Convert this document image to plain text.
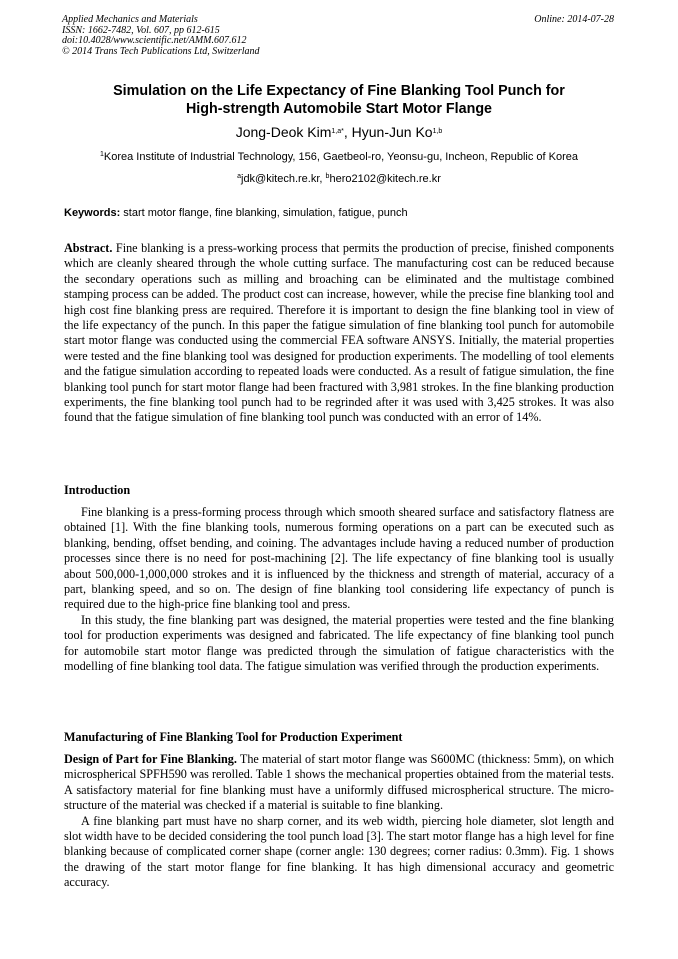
Applied Mechanics and Materials
ISSN: 1662-7482, Vol. 607, pp 612-615
doi:10.4028/www.scientific.net/AMM.607.612
© 2014 Trans Tech Publications Ltd, Switzerland
Online: 2014-07-28
Simulation on the Life Expectancy of Fine Blanking Tool Punch for
High-strength Automobile Start Motor Flange
Jong-Deok Kim$^{1,a*}$, Hyun-Jun Ko$^{1,b}$
$^1$Korea Institute of Industrial Technology, 156, Gaetbeol-ro, Yeonsu-gu, Incheon, Republic of Korea
$^a$jdk@kitech.re.kr, $^b$hero2102@kitech.re.kr
Keywords: start motor flange, fine blanking, simulation, fatigue, punch

Abstract. Fine blanking is a press-working process that permits the production of precise, finished components which are cleanly sheared through the whole cutting surface. The manufacturing cost can be reduced because the secondary operations such as milling and broaching can be eliminated and the multistage combined stamping process can be added. The product cost can increase, however, while the precise fine blanking tool and high cost fine blanking press are required. Therefore it is important to design the fine blanking tool in view of the life expectancy of the punch. In this paper the fatigue simulation of fine blanking tool punch for automobile start motor flange was conducted using the commercial FEA software ANSYS. Initially, the material properties were tested and the fine blanking tool was designed for production experiments. The modelling of tool elements and the fatigue simulation according to repeated loads were conducted. As a result of fatigue simulation, the fine blanking tool punch for start motor flange had been fractured with 3,981 strokes. In the fine blanking production experiments, the fine blanking tool punch had to be regrinded after it was used with 3,425 strokes. It was also found that the fatigue simulation of fine blanking tool punch was conducted with an error of 14%.

Introduction

Fine blanking is a press-forming process through which smooth sheared surface and satisfactory flatness are obtained [1]. With the fine blanking tools, numerous forming operations on a part can be executed such as blanking, bending, offset bending, and coining. The advantages include having a reduced number of production processes since there is no need for post-machining [2]. The life expectancy of fine blanking tool is usually about 500,000-1,000,000 strokes and it is influenced by the thickness and strength of material, accuracy of a part, blanking speed, and so on. The design of fine blanking tool considering life expectancy of punch is required due to the high-price fine blanking tool and press.

In this study, the fine blanking part was designed, the material properties were tested and the fine blanking tool for production experiments was designed and fabricated. The life expectancy of fine blanking tool punch for automobile start motor flange was predicted through the simulation of fatigue characteristics with the modelling of fine blanking tool data. The fatigue simulation was verified through the production experiments.

Manufacturing of Fine Blanking Tool for Production Experiment

Design of Part for Fine Blanking. The material of start motor flange was S600MC (thickness: 5mm), on which microspherical SPFH590 was rerolled. Table 1 shows the mechanical properties obtained from the material tests. A satisfactory material for fine blanking must have a uniformly diffused microspherical structure. The micro-structure of the material was checked if a material is suitable to fine blanking.

A fine blanking part must have no sharp corner, and its web width, piercing hole diameter, slot length and slot width have to be decided considering the tool punch load [3]. The start motor flange has a high level for fine blanking because of complicated corner shape (corner angle: 130 degrees; corner radius: 0.3mm). Fig. 1 shows the drawing of the start motor flange for fine blanking. It has high dimensional accuracy and geometric accuracy.
